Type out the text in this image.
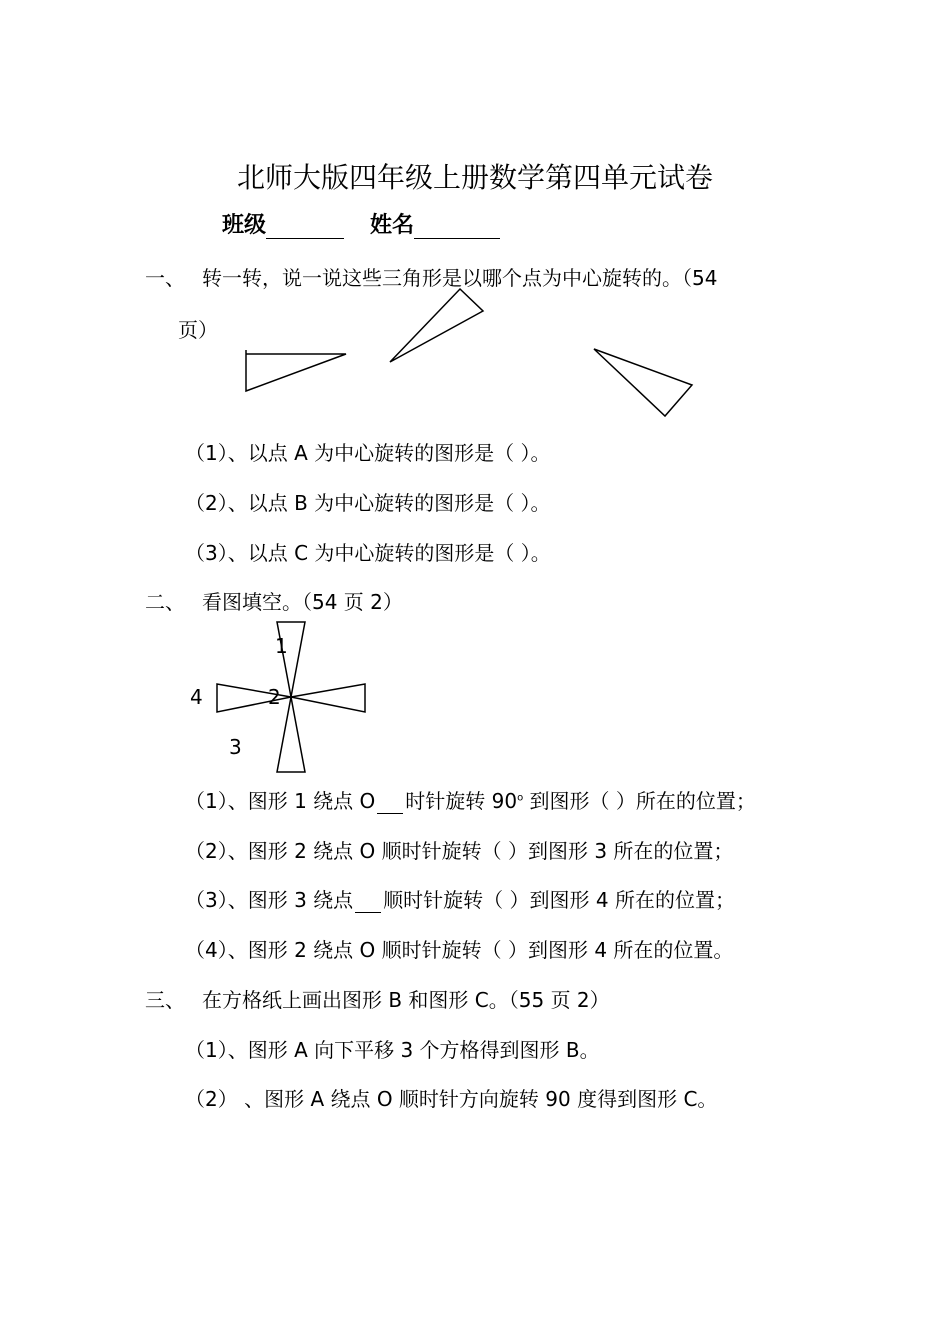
北师大版四年级上册数学第四单元试卷
班级	姓名
一、 转一转，说一说这些三角形是以哪个点为中心旋转的。（54
页）
（1）、以点 A 为中心旋转的图形是（ ）。
（2）、以点 B 为中心旋转的图形是（ ）。
（3）、以点 C 为中心旋转的图形是（ ）。
二、 看图填空。（54 页 2）
1
2
3
4
（1）、图形 1 绕点 O 时针旋转 90$^o$ 到图形（ ）所在的位置；
（2）、图形 2 绕点 O 顺时针旋转（ ）到图形 3 所在的位置；
（3）、图形 3 绕点 顺时针旋转（ ）到图形 4 所在的位置；
（4）、图形 2 绕点 O 顺时针旋转（ ）到图形 4 所在的位置。
三、 在方格纸上画出图形 B 和图形 C。（55 页 2）
（1）、图形 A 向下平移 3 个方格得到图形 B。
（2） 、图形 A 绕点 O 顺时针方向旋转 90 度得到图形 C。
